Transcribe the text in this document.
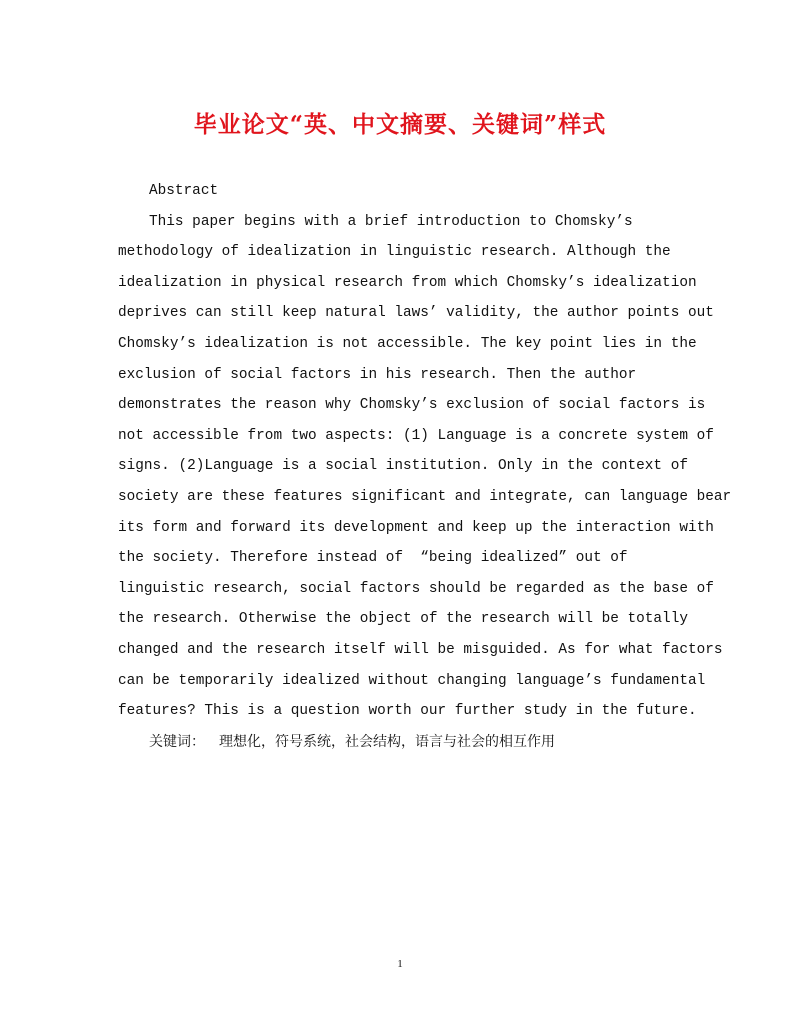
毕业论文“英、中文摘要、关键词”样式
Abstract
This paper begins with a brief introduction to Chomsky’s
methodology of idealization in linguistic research. Although the
idealization in physical research from which Chomsky’s idealization
deprives can still keep natural laws’ validity, the author points out
Chomsky’s idealization is not accessible. The key point lies in the
exclusion of social factors in his research. Then the author
demonstrates the reason why Chomsky’s exclusion of social factors is
not accessible from two aspects: (1) Language is a concrete system of
signs. (2)Language is a social institution. Only in the context of
society are these features significant and integrate, can language bear
its form and forward its development and keep up the interaction with
the society. Therefore instead of  “being idealized” out of
linguistic research, social factors should be regarded as the base of
the research. Otherwise the object of the research will be totally
changed and the research itself will be misguided. As for what factors
can be temporarily idealized without changing language’s fundamental
features? This is a question worth our further study in the future.
关键词： 理想化，符号系统，社会结构，语言与社会的相互作用
1
